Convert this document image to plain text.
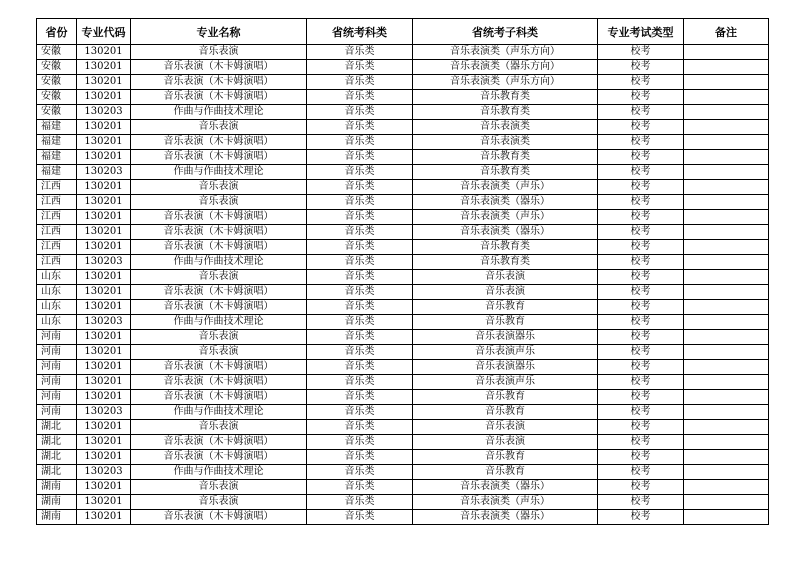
省份	专业代码	专业名称	省统考科类	省统考子科类	专业考试类型	备注
安徽	130201	音乐表演	音乐类	音乐表演类（声乐方向）	校考	
安徽	130201	音乐表演（木卡姆演唱）	音乐类	音乐表演类（器乐方向）	校考	
安徽	130201	音乐表演（木卡姆演唱）	音乐类	音乐表演类（声乐方向）	校考	
安徽	130201	音乐表演（木卡姆演唱）	音乐类	音乐教育类	校考	
安徽	130203	作曲与作曲技术理论	音乐类	音乐教育类	校考	
福建	130201	音乐表演	音乐类	音乐表演类	校考	
福建	130201	音乐表演（木卡姆演唱）	音乐类	音乐表演类	校考	
福建	130201	音乐表演（木卡姆演唱）	音乐类	音乐教育类	校考	
福建	130203	作曲与作曲技术理论	音乐类	音乐教育类	校考	
江西	130201	音乐表演	音乐类	音乐表演类（声乐）	校考	
江西	130201	音乐表演	音乐类	音乐表演类（器乐）	校考	
江西	130201	音乐表演（木卡姆演唱）	音乐类	音乐表演类（声乐）	校考	
江西	130201	音乐表演（木卡姆演唱）	音乐类	音乐表演类（器乐）	校考	
江西	130201	音乐表演（木卡姆演唱）	音乐类	音乐教育类	校考	
江西	130203	作曲与作曲技术理论	音乐类	音乐教育类	校考	
山东	130201	音乐表演	音乐类	音乐表演	校考	
山东	130201	音乐表演（木卡姆演唱）	音乐类	音乐表演	校考	
山东	130201	音乐表演（木卡姆演唱）	音乐类	音乐教育	校考	
山东	130203	作曲与作曲技术理论	音乐类	音乐教育	校考	
河南	130201	音乐表演	音乐类	音乐表演器乐	校考	
河南	130201	音乐表演	音乐类	音乐表演声乐	校考	
河南	130201	音乐表演（木卡姆演唱）	音乐类	音乐表演器乐	校考	
河南	130201	音乐表演（木卡姆演唱）	音乐类	音乐表演声乐	校考	
河南	130201	音乐表演（木卡姆演唱）	音乐类	音乐教育	校考	
河南	130203	作曲与作曲技术理论	音乐类	音乐教育	校考	
湖北	130201	音乐表演	音乐类	音乐表演	校考	
湖北	130201	音乐表演（木卡姆演唱）	音乐类	音乐表演	校考	
湖北	130201	音乐表演（木卡姆演唱）	音乐类	音乐教育	校考	
湖北	130203	作曲与作曲技术理论	音乐类	音乐教育	校考	
湖南	130201	音乐表演	音乐类	音乐表演类（器乐）	校考	
湖南	130201	音乐表演	音乐类	音乐表演类（声乐）	校考	
湖南	130201	音乐表演（木卡姆演唱）	音乐类	音乐表演类（器乐）	校考	
